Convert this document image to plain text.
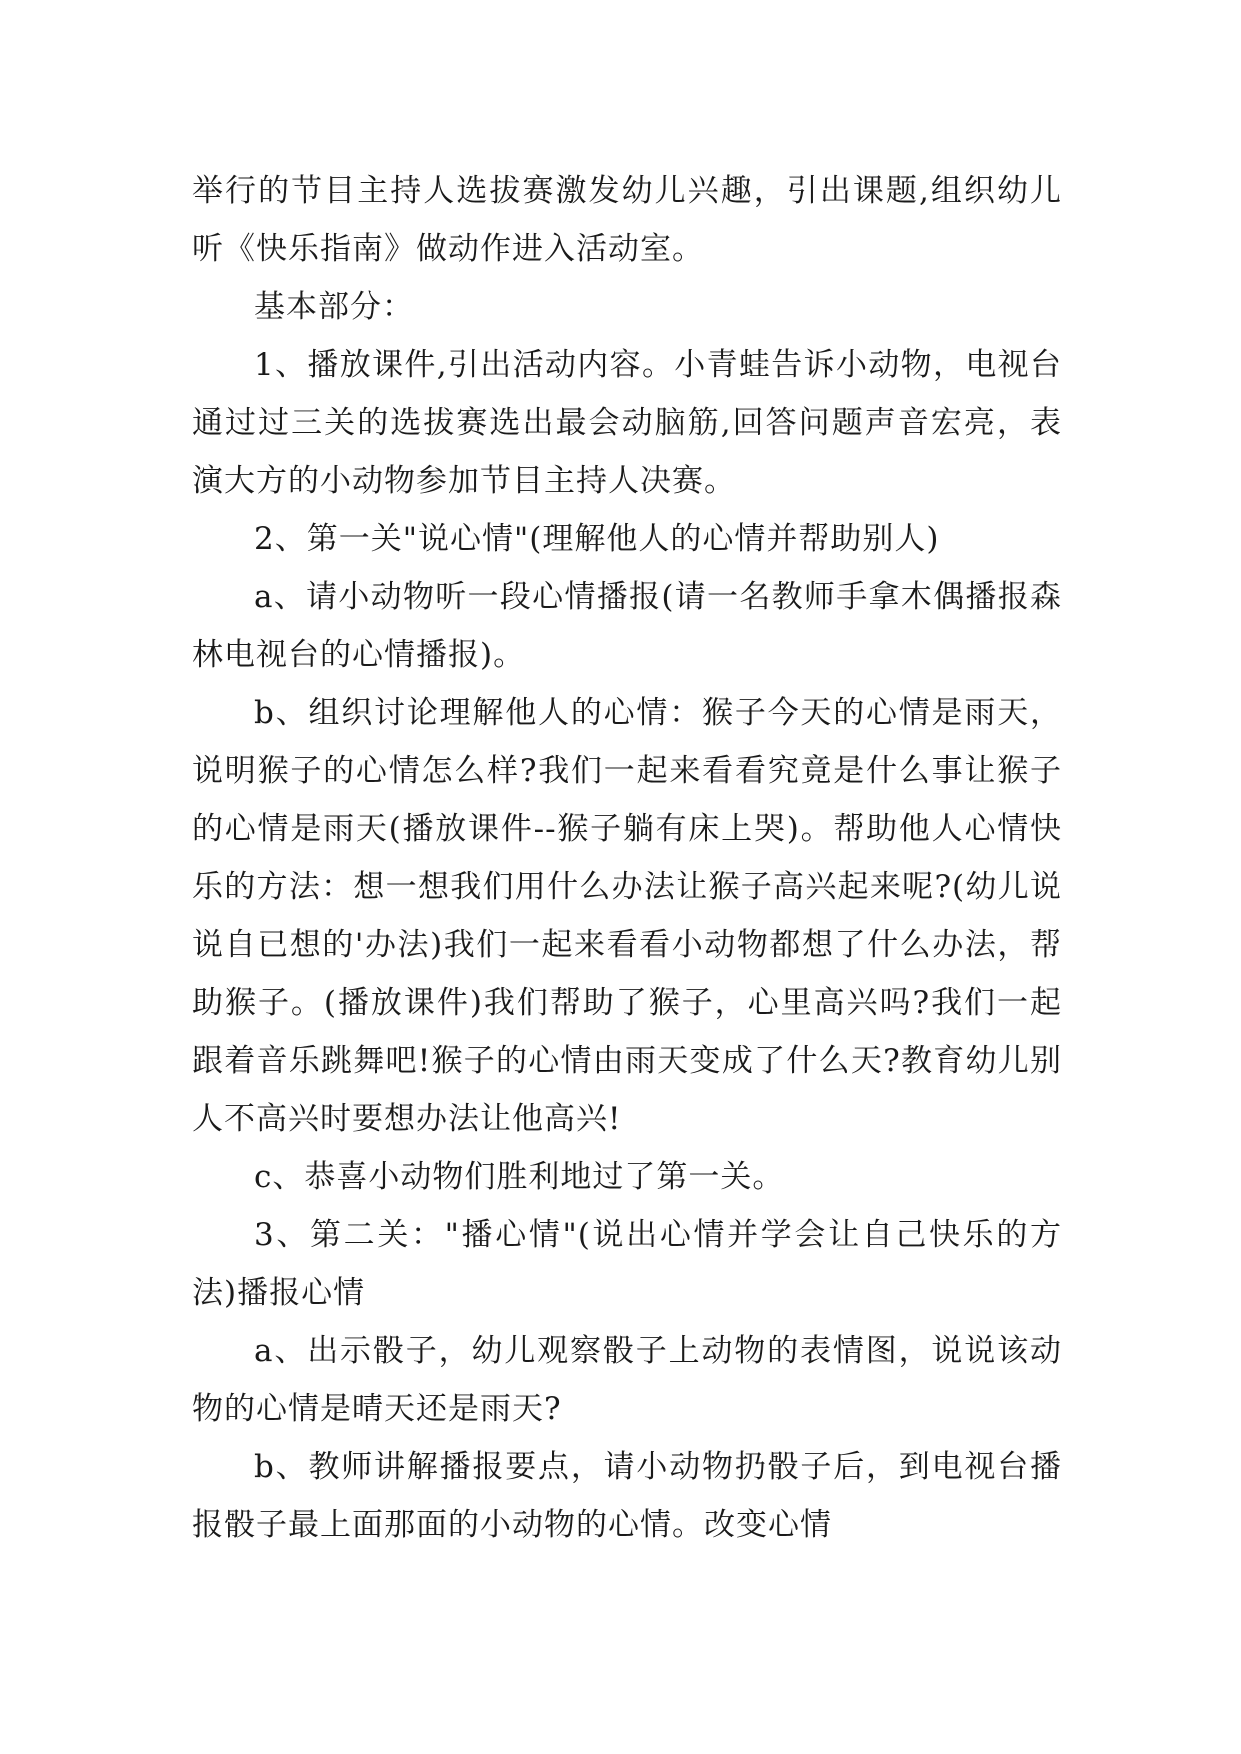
举行的节目主持人选拔赛激发幼儿兴趣，引出课题,组织幼儿听《快乐指南》做动作进入活动室。

基本部分：

1、播放课件,引出活动内容。小青蛙告诉小动物，电视台通过过三关的选拔赛选出最会动脑筋,回答问题声音宏亮，表演大方的小动物参加节目主持人决赛。

2、第一关"说心情"(理解他人的心情并帮助别人)

a、请小动物听一段心情播报(请一名教师手拿木偶播报森林电视台的心情播报)。

b、组织讨论理解他人的心情：猴子今天的心情是雨天，说明猴子的心情怎么样?我们一起来看看究竟是什么事让猴子的心情是雨天(播放课件--猴子躺有床上哭)。帮助他人心情快乐的方法：想一想我们用什么办法让猴子高兴起来呢?(幼儿说说自已想的'办法)我们一起来看看小动物都想了什么办法，帮助猴子。(播放课件)我们帮助了猴子，心里高兴吗?我们一起跟着音乐跳舞吧!猴子的心情由雨天变成了什么天?教育幼儿别人不高兴时要想办法让他高兴!

c、恭喜小动物们胜利地过了第一关。

3、第二关："播心情"(说出心情并学会让自己快乐的方法)播报心情

a、出示骰子，幼儿观察骰子上动物的表情图，说说该动物的心情是晴天还是雨天?

b、教师讲解播报要点，请小动物扔骰子后，到电视台播报骰子最上面那面的小动物的心情。改变心情
